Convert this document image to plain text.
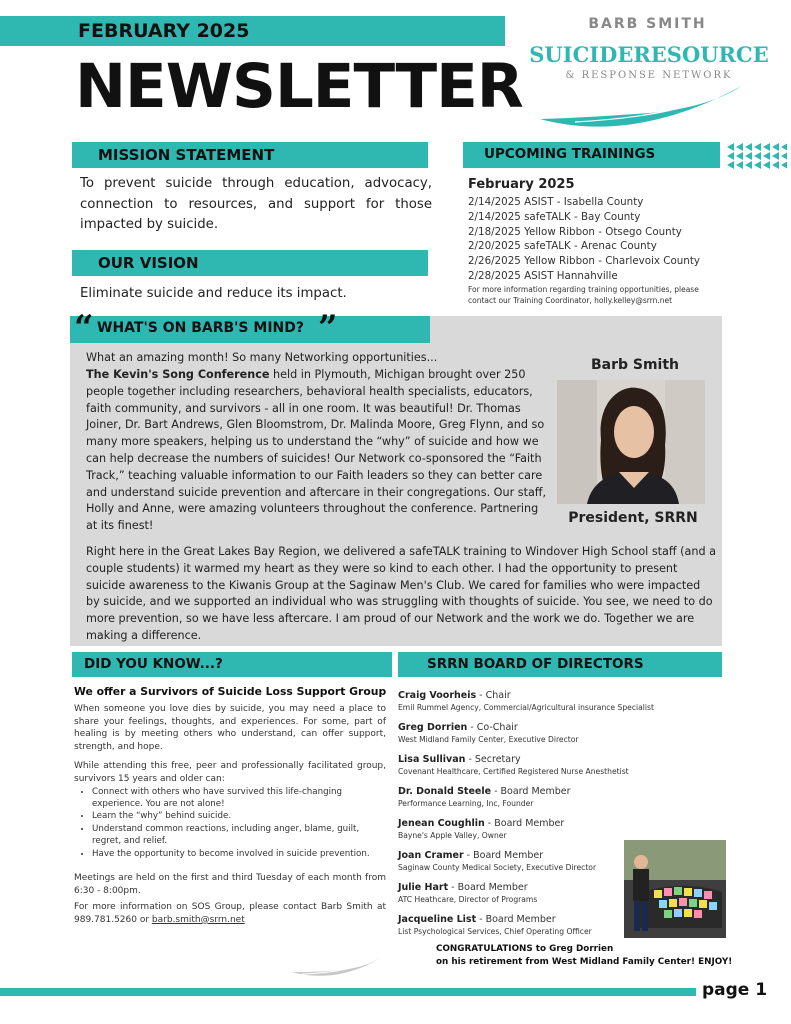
FEBRUARY 2025
NEWSLETTER
BARB SMITH
SUICIDERESOURCE
& RESPONSE NETWORK
MISSION STATEMENT
To prevent suicide through education, advocacy, connection to resources, and support for those impacted by suicide.
OUR VISION
Eliminate suicide and reduce its impact.
UPCOMING TRAININGS
February 2025
2/14/2025 ASIST - Isabella County
2/14/2025 safeTALK - Bay County
2/18/2025 Yellow Ribbon - Otsego County
2/20/2025 safeTALK - Arenac County
2/26/2025 Yellow Ribbon - Charlevoix County
2/28/2025 ASIST Hannahville
For more information regarding training opportunities, please contact our Training Coordinator, holly.kelley@srrn.net
“ WHAT'S ON BARB'S MIND? ”
What an amazing month! So many Networking opportunities...
The Kevin's Song Conference held in Plymouth, Michigan brought over 250 people together including researchers, behavioral health specialists, educators, faith community, and survivors - all in one room. It was beautiful! Dr. Thomas Joiner, Dr. Bart Andrews, Glen Bloomstrom, Dr. Malinda Moore, Greg Flynn, and so many more speakers, helping us to understand the “why” of suicide and how we can help decrease the numbers of suicides! Our Network co-sponsored the “Faith Track,” teaching valuable information to our Faith leaders so they can better care and understand suicide prevention and aftercare in their congregations. Our staff, Holly and Anne, were amazing volunteers throughout the conference. Partnering at its finest!
Barb Smith
President, SRRN
Right here in the Great Lakes Bay Region, we delivered a safeTALK training to Windover High School staff (and a couple students) it warmed my heart as they were so kind to each other. I had the opportunity to present suicide awareness to the Kiwanis Group at the Saginaw Men's Club. We cared for families who were impacted by suicide, and we supported an individual who was struggling with thoughts of suicide. You see, we need to do more prevention, so we have less aftercare. I am proud of our Network and the work we do. Together we are making a difference.
DID YOU KNOW...?
We offer a Survivors of Suicide Loss Support Group
When someone you love dies by suicide, you may need a place to share your feelings, thoughts, and experiences. For some, part of healing is by meeting others who understand, can offer support, strength, and hope.
While attending this free, peer and professionally facilitated group, survivors 15 years and older can:
• Connect with others who have survived this life-changing experience. You are not alone!
• Learn the “why” behind suicide.
• Understand common reactions, including anger, blame, guilt, regret, and relief.
• Have the opportunity to become involved in suicide prevention.
Meetings are held on the first and third Tuesday of each month from 6:30 - 8:00pm.
For more information on SOS Group, please contact Barb Smith at 989.781.5260 or barb.smith@srrn.net
SRRN BOARD OF DIRECTORS
Craig Voorheis - Chair
Emil Rummel Agency, Commercial/Agricultural insurance Specialist
Greg Dorrien - Co-Chair
West Midland Family Center, Executive Director
Lisa Sullivan - Secretary
Covenant Healthcare, Certified Registered Nurse Anesthetist
Dr. Donald Steele - Board Member
Performance Learning, Inc, Founder
Jenean Coughlin - Board Member
Bayne's Apple Valley, Owner
Joan Cramer - Board Member
Saginaw County Medical Society, Executive Director
Julie Hart - Board Member
ATC Heathcare, Director of Programs
Jacqueline List - Board Member
List Psychological Services, Chief Operating Officer
CONGRATULATIONS to Greg Dorrien
on his retirement from West Midland Family Center! ENJOY!
page 1
